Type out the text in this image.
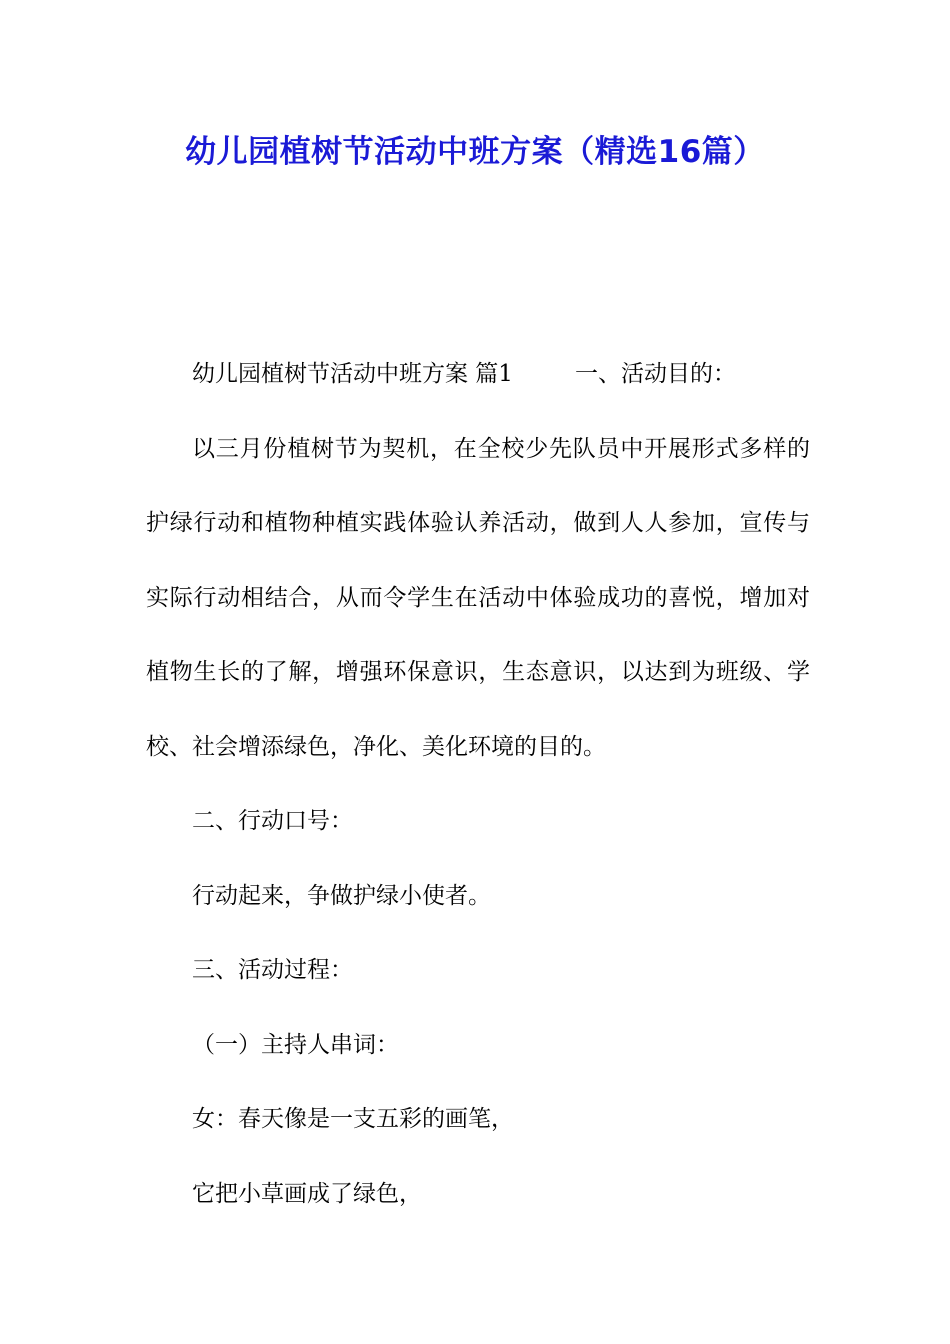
幼儿园植树节活动中班方案（精选16篇）

幼儿园植树节活动中班方案 篇1	一、活动目的：

以三月份植树节为契机，在全校少先队员中开展形式多样的护绿行动和植物种植实践体验认养活动，做到人人参加，宣传与实际行动相结合，从而令学生在活动中体验成功的喜悦，增加对植物生长的了解，增强环保意识，生态意识，以达到为班级、学校、社会增添绿色，净化、美化环境的目的。

二、行动口号：

行动起来，争做护绿小使者。

三、活动过程：

（一）主持人串词：

女：春天像是一支五彩的画笔，

它把小草画成了绿色，
